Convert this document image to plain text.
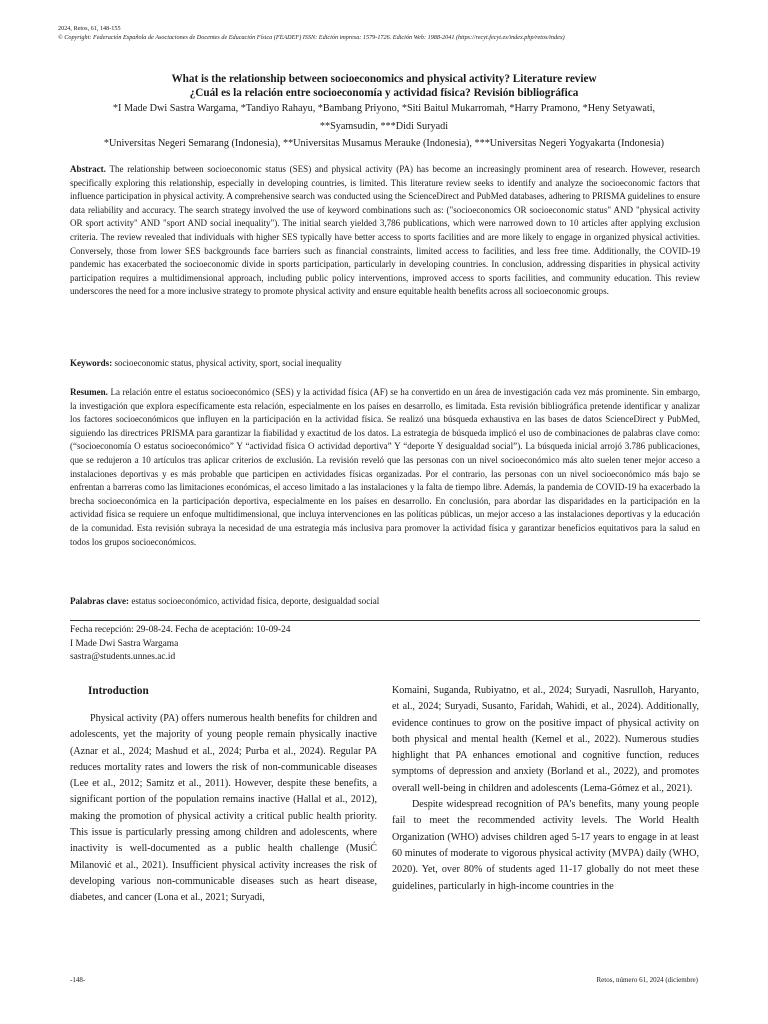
2024, Retos, 61, 148-155
© Copyright: Federación Española de Asociaciones de Docentes de Educación Física (FEADEF) ISSN: Edición impresa: 1579-1726. Edición Web: 1988-2041 (https://recyt.fecyt.es/index.php/retos/index)
What is the relationship between socioeconomics and physical activity? Literature review
¿Cuál es la relación entre socioeconomía y actividad física? Revisión bibliográfica
*I Made Dwi Sastra Wargama, *Tandiyo Rahayu, *Bambang Priyono, *Siti Baitul Mukarromah, *Harry Pramono, *Heny Setyawati,
**Syamsudin, ***Didi Suryadi
*Universitas Negeri Semarang (Indonesia), **Universitas Musamus Merauke (Indonesia), ***Universitas Negeri Yogyakarta (Indonesia)
Abstract. The relationship between socioeconomic status (SES) and physical activity (PA) has become an increasingly prominent area of research. However, research specifically exploring this relationship, especially in developing countries, is limited. This literature review seeks to identify and analyze the socioeconomic factors that influence participation in physical activity. A comprehensive search was conducted using the ScienceDirect and PubMed databases, adhering to PRISMA guidelines to ensure data reliability and accuracy. The search strategy involved the use of keyword combinations such as: ("socioeconomics OR socioeconomic status" AND "physical activity OR sport activity" AND "sport AND social inequality"). The initial search yielded 3,786 publications, which were narrowed down to 10 articles after applying exclusion criteria. The review revealed that individuals with higher SES typically have better access to sports facilities and are more likely to engage in organized physical activities. Conversely, those from lower SES backgrounds face barriers such as financial constraints, limited access to facilities, and less free time. Additionally, the COVID-19 pandemic has exacerbated the socioeconomic divide in sports participation, particularly in developing countries. In conclusion, addressing disparities in physical activity participation requires a multidimensional approach, including public policy interventions, improved access to sports facilities, and community education. This review underscores the need for a more inclusive strategy to promote physical activity and ensure equitable health benefits across all socioeconomic groups.
Keywords: socioeconomic status, physical activity, sport, social inequality
Resumen. La relación entre el estatus socioeconómico (SES) y la actividad física (AF) se ha convertido en un área de investigación cada vez más prominente. Sin embargo, la investigación que explora específicamente esta relación, especialmente en los países en desarrollo, es limitada. Esta revisión bibliográfica pretende identificar y analizar los factores socioeconómicos que influyen en la participación en la actividad física. Se realizó una búsqueda exhaustiva en las bases de datos ScienceDirect y PubMed, siguiendo las directrices PRISMA para garantizar la fiabilidad y exactitud de los datos. La estrategia de búsqueda implicó el uso de combinaciones de palabras clave como: (“socioeconomía O estatus socioeconómico” Y “actividad física O actividad deportiva” Y “deporte Y desigualdad social”). La búsqueda inicial arrojó 3.786 publicaciones, que se redujeron a 10 artículos tras aplicar criterios de exclusión. La revisión reveló que las personas con un nivel socioeconómico más alto suelen tener mejor acceso a instalaciones deportivas y es más probable que participen en actividades físicas organizadas. Por el contrario, las personas con un nivel socioeconómico más bajo se enfrentan a barreras como las limitaciones económicas, el acceso limitado a las instalaciones y la falta de tiempo libre. Además, la pandemia de COVID-19 ha exacerbado la brecha socioeconómica en la participación deportiva, especialmente en los países en desarrollo. En conclusión, para abordar las disparidades en la participación en la actividad física se requiere un enfoque multidimensional, que incluya intervenciones en las políticas públicas, un mejor acceso a las instalaciones deportivas y la educación de la comunidad. Esta revisión subraya la necesidad de una estrategia más inclusiva para promover la actividad física y garantizar beneficios equitativos para la salud en todos los grupos socioeconómicos.
Palabras clave: estatus socioeconómico, actividad física, deporte, desigualdad social
Fecha recepción: 29-08-24. Fecha de aceptación: 10-09-24
I Made Dwi Sastra Wargama
sastra@students.unnes.ac.id
Introduction

Physical activity (PA) offers numerous health benefits for children and adolescents, yet the majority of young people remain physically inactive (Aznar et al., 2024; Mashud et al., 2024; Purba et al., 2024). Regular PA reduces mortality rates and lowers the risk of non-communicable diseases (Lee et al., 2012; Samitz et al., 2011). However, despite these benefits, a significant portion of the population remains inactive (Hallal et al., 2012), making the promotion of physical activity a critical public health priority. This issue is particularly pressing among children and adolescents, where inactivity is well-documented as a public health challenge (MusiĆ Milanović et al., 2021). Insufficient physical activity increases the risk of developing various non-communicable diseases such as heart disease, diabetes, and cancer (Lona et al., 2021; Suryadi,

Komaini, Suganda, Rubiyatno, et al., 2024; Suryadi, Nasrulloh, Haryanto, et al., 2024; Suryadi, Susanto, Faridah, Wahidi, et al., 2024). Additionally, evidence continues to grow on the positive impact of physical activity on both physical and mental health (Kemel et al., 2022). Numerous studies highlight that PA enhances emotional and cognitive function, reduces symptoms of depression and anxiety (Borland et al., 2022), and promotes overall well-being in children and adolescents (Lema-Gómez et al., 2021).

Despite widespread recognition of PA's benefits, many young people fail to meet the recommended activity levels. The World Health Organization (WHO) advises children aged 5-17 years to engage in at least 60 minutes of moderate to vigorous physical activity (MVPA) daily (WHO, 2020). Yet, over 80% of students aged 11-17 globally do not meet these guidelines, particularly in high-income countries in the

-148-	Retos, número 61, 2024 (diciembre)
